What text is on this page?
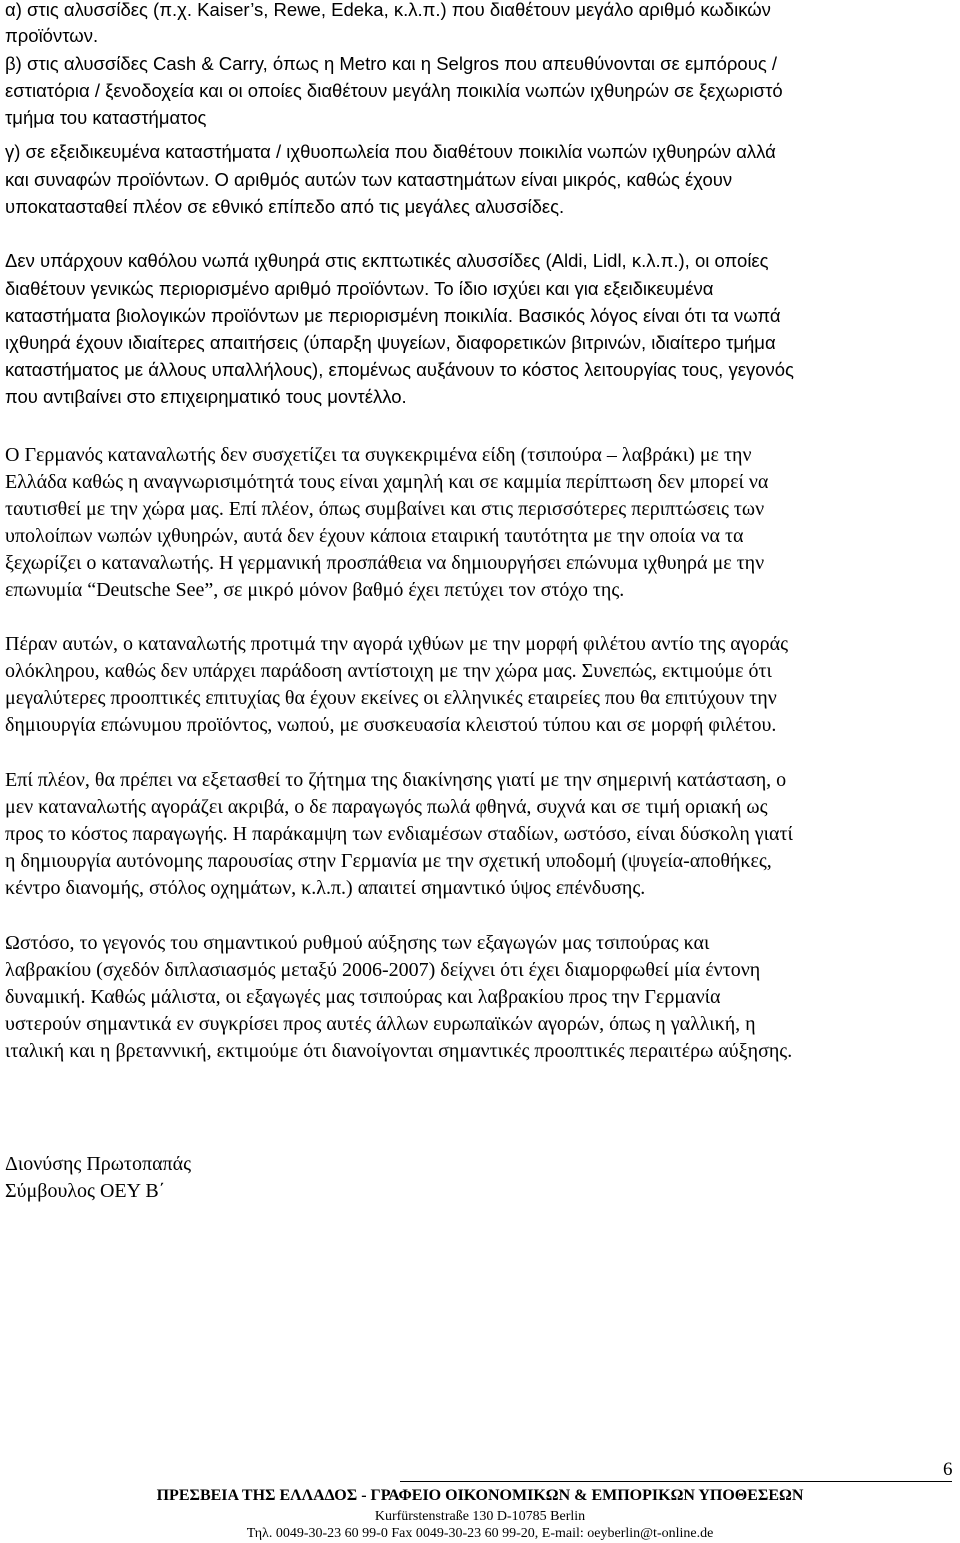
α) στις αλυσσίδες (π.χ. Kaiser’s, Rewe, Edeka, κ.λ.π.) που διαθέτουν μεγάλο αριθμό κωδικών
προϊόντων.
β) στις αλυσσίδες Cash & Carry, όπως η Metro και η Selgros που απευθύνονται σε εμπόρους /
εστιατόρια / ξενοδοχεία και οι οποίες διαθέτουν μεγάλη ποικιλία νωπών ιχθυηρών σε ξεχωριστό
τμήμα του καταστήματος
γ) σε εξειδικευμένα καταστήματα / ιχθυοπωλεία που διαθέτουν ποικιλία νωπών ιχθυηρών αλλά
και συναφών προϊόντων. Ο αριθμός αυτών των καταστημάτων είναι μικρός, καθώς έχουν
υποκατασταθεί πλέον σε εθνικό επίπεδο από τις μεγάλες αλυσσίδες.
Δεν υπάρχουν καθόλου νωπά ιχθυηρά στις εκπτωτικές αλυσσίδες (Aldi, Lidl, κ.λ.π.), οι οποίες
διαθέτουν γενικώς περιορισμένο αριθμό προϊόντων. Το ίδιο ισχύει και για εξειδικευμένα
καταστήματα βιολογικών προϊόντων με περιορισμένη ποικιλία. Βασικός λόγος είναι ότι τα νωπά
ιχθυηρά έχουν ιδιαίτερες απαιτήσεις (ύπαρξη ψυγείων, διαφορετικών βιτρινών, ιδιαίτερο τμήμα
καταστήματος με άλλους υπαλλήλους), επομένως αυξάνουν το κόστος λειτουργίας τους, γεγονός
που αντιβαίνει στο επιχειρηματικό τους μοντέλλο.
Ο Γερμανός καταναλωτής δεν συσχετίζει τα συγκεκριμένα είδη (τσιπούρα – λαβράκι) με την
Ελλάδα καθώς η αναγνωρισιμότητά τους είναι χαμηλή και σε καμμία περίπτωση δεν μπορεί να
ταυτισθεί με την χώρα μας. Επί πλέον, όπως συμβαίνει και στις περισσότερες περιπτώσεις των
υπολοίπων νωπών ιχθυηρών, αυτά δεν έχουν κάποια εταιρική ταυτότητα με την οποία να τα
ξεχωρίζει ο καταναλωτής. Η γερμανική προσπάθεια να δημιουργήσει επώνυμα ιχθυηρά με την
επωνυμία “Deutsche See”, σε μικρό μόνον βαθμό έχει πετύχει τον στόχο της.
Πέραν αυτών, ο καταναλωτής προτιμά την αγορά ιχθύων με την μορφή φιλέτου αντίο της αγοράς
ολόκληρου, καθώς δεν υπάρχει παράδοση αντίστοιχη με την χώρα μας. Συνεπώς, εκτιμούμε ότι
μεγαλύτερες προοπτικές επιτυχίας θα έχουν εκείνες οι ελληνικές εταιρείες που θα επιτύχουν την
δημιουργία επώνυμου προϊόντος, νωπού, με συσκευασία κλειστού τύπου και σε μορφή φιλέτου.
Επί πλέον, θα πρέπει να εξετασθεί το ζήτημα της διακίνησης γιατί με την σημερινή κατάσταση, ο
μεν καταναλωτής αγοράζει ακριβά, ο δε παραγωγός πωλά φθηνά, συχνά και σε τιμή οριακή ως
προς το κόστος παραγωγής. Η παράκαμψη των ενδιαμέσων σταδίων, ωστόσο, είναι δύσκολη γιατί
η δημιουργία αυτόνομης παρουσίας στην Γερμανία με την σχετική υποδομή (ψυγεία-αποθήκες,
κέντρο διανομής, στόλος οχημάτων, κ.λ.π.) απαιτεί σημαντικό ύψος επένδυσης.
Ωστόσο, το γεγονός του σημαντικού ρυθμού αύξησης των εξαγωγών μας τσιπούρας και
λαβρακίου (σχεδόν διπλασιασμός μεταξύ 2006-2007) δείχνει ότι έχει διαμορφωθεί μία έντονη
δυναμική. Καθώς μάλιστα, οι εξαγωγές μας τσιπούρας και λαβρακίου προς την Γερμανία
υστερούν σημαντικά εν συγκρίσει προς αυτές άλλων ευρωπαϊκών αγορών, όπως η γαλλική, η
ιταλική και η βρεταννική, εκτιμούμε ότι διανοίγονται σημαντικές προοπτικές περαιτέρω αύξησης.
Διονύσης Πρωτοπαπάς
Σύμβουλος ΟΕΥ Β΄
6
ΠΡΕΣΒΕΙΑ ΤΗΣ ΕΛΛΑΔΟΣ - ΓΡΑΦΕΙΟ ΟΙΚΟΝΟΜΙΚΩΝ & ΕΜΠΟΡΙΚΩΝ ΥΠΟΘΕΣΕΩΝ
Kurfürstenstraße 130 D-10785 Berlin
Τηλ. 0049-30-23 60 99-0 Fax 0049-30-23 60 99-20, E-mail: oeyberlin@t-online.de
